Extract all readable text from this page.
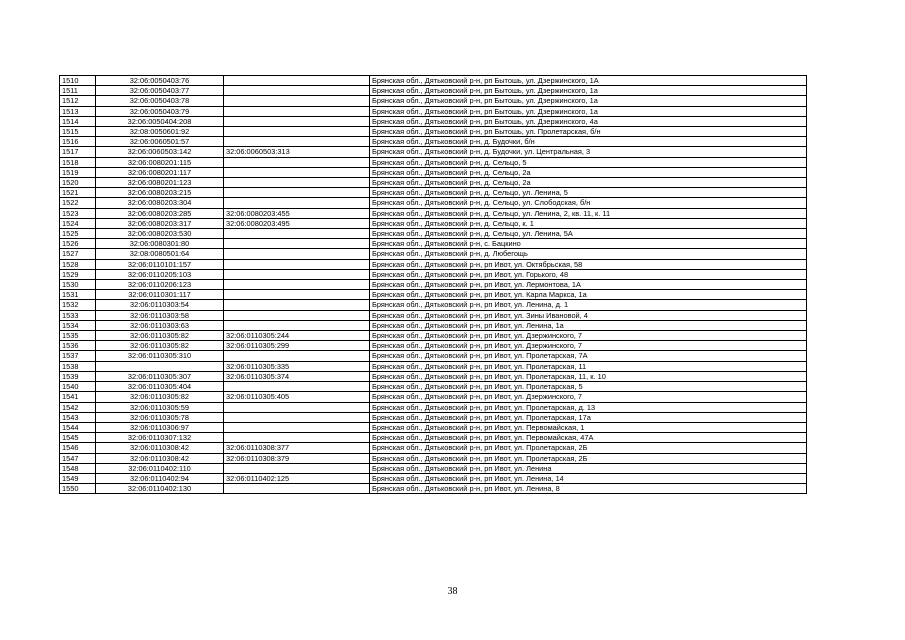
1510	32:06:0050403:76		Брянская обл., Дятьковский р-н, рп Бытошь, ул. Дзержинского, 1А
1511	32:06:0050403:77		Брянская обл., Дятьковский р-н, рп Бытошь, ул. Дзержинского, 1а
1512	32:06:0050403:78		Брянская обл., Дятьковский р-н, рп Бытошь, ул. Дзержинского, 1а
1513	32:06:0050403:79		Брянская обл., Дятьковский р-н, рп Бытошь, ул. Дзержинского, 1а
1514	32:06:0050404:208		Брянская обл., Дятьковский р-н, рп Бытошь, ул. Дзержинского, 4а
1515	32:08:0050601:92		Брянская обл., Дятьковский р-н, рп Бытошь, ул. Пролетарская, б/н
1516	32:06:0060501:57		Брянская обл., Дятьковский р-н, д. Будочки, б/н
1517	32:06:0060503:142	32:06:0060503:313	Брянская обл., Дятьковский р-н, д. Будочки, ул. Центральная, 3
1518	32:06:0080201:115		Брянская обл., Дятьковский р-н, д. Сельцо, 5
1519	32:06:0080201:117		Брянская обл., Дятьковский р-н, д. Сельцо, 2а
1520	32:06:0080201:123		Брянская обл., Дятьковский р-н, д. Сельцо, 2а
1521	32:06:0080203:215		Брянская обл., Дятьковский р-н, д. Сельцо, ул. Ленина, 5
1522	32:06:0080203:304		Брянская обл., Дятьковский р-н, д. Сельцо, ул. Слободская, б/н
1523	32:06:0080203:285	32:06:0080203:455	Брянская обл., Дятьковский р-н, д. Сельцо, ул. Ленина, 2, кв. 11, к. 11
1524	32:06:0080203:317	32:06:0080203:495	Брянская обл., Дятьковский р-н, д. Сельцо, к. 1
1525	32:06:0080203:530		Брянская обл., Дятьковский р-н, д. Сельцо, ул. Ленина, 5А
1526	32:06:0080301:80		Брянская обл., Дятьковский р-н, с. Бацкино
1527	32:08:0080501:64		Брянская обл., Дятьковский р-н, д. Любегощь
1528	32:06:0110101:157		Брянская обл., Дятьковский р-н, рп Ивот, ул. Октябрьская, 58
1529	32:06:0110205:103		Брянская обл., Дятьковский р-н, рп Ивот, ул. Горького, 48
1530	32:06:0110206:123		Брянская обл., Дятьковский р-н, рп Ивот, ул. Лермонтова, 1А
1531	32:06:0110301:117		Брянская обл., Дятьковский р-н, рп Ивот, ул. Карла Маркса, 1а
1532	32:06:0110303:54		Брянская обл., Дятьковский р-н, рп Ивот, ул. Ленина, д. 1
1533	32:06:0110303:58		Брянская обл., Дятьковский р-н, рп Ивот, ул. Зины Ивановой, 4
1534	32:06:0110303:63		Брянская обл., Дятьковский р-н, рп Ивот, ул. Ленина, 1а
1535	32:06:0110305:82	32:06:0110305:244	Брянская обл., Дятьковский р-н, рп Ивот, ул. Дзержинского, 7
1536	32:06:0110305:82	32:06:0110305:299	Брянская обл., Дятьковский р-н, рп Ивот, ул. Дзержинского, 7
1537	32:06:0110305:310		Брянская обл., Дятьковский р-н, рп Ивот, ул. Пролетарская, 7А
1538		32:06:0110305:335	Брянская обл., Дятьковский р-н, рп Ивот, ул. Пролетарская, 11
1539	32:06:0110305:307	32:06:0110305:374	Брянская обл., Дятьковский р-н, рп Ивот, ул. Пролетарская, 11, к. 10
1540	32:06:0110305:404		Брянская обл., Дятьковский р-н, рп Ивот, ул. Пролетарская, 5
1541	32:06:0110305:82	32:06:0110305:405	Брянская обл., Дятьковский р-н, рп Ивот, ул. Дзержинского, 7
1542	32:06:0110305:59		Брянская обл., Дятьковский р-н, рп Ивот, ул. Пролетарская, д. 13
1543	32:06:0110305:78		Брянская обл., Дятьковский р-н, рп Ивот, ул. Пролетарская, 17а
1544	32:06:0110306:97		Брянская обл., Дятьковский р-н, рп Ивот, ул. Первомайская, 1
1545	32:06:0110307:132		Брянская обл., Дятьковский р-н, рп Ивот, ул. Первомайская, 47А
1546	32:06:0110308:42	32:06:0110308:377	Брянская обл., Дятьковский р-н, рп Ивот, ул. Пролетарская, 2Б
1547	32:06:0110308:42	32:06:0110308:379	Брянская обл., Дятьковский р-н, рп Ивот, ул. Пролетарская, 2Б
1548	32:06:0110402:110		Брянская обл., Дятьковский р-н, рп Ивот, ул. Ленина
1549	32:06:0110402:94	32:06:0110402:125	Брянская обл., Дятьковский р-н, рп Ивот, ул. Ленина, 14
1550	32:06:0110402:130		Брянская обл., Дятьковский р-н, рп Ивот, ул. Ленина, 8
38
